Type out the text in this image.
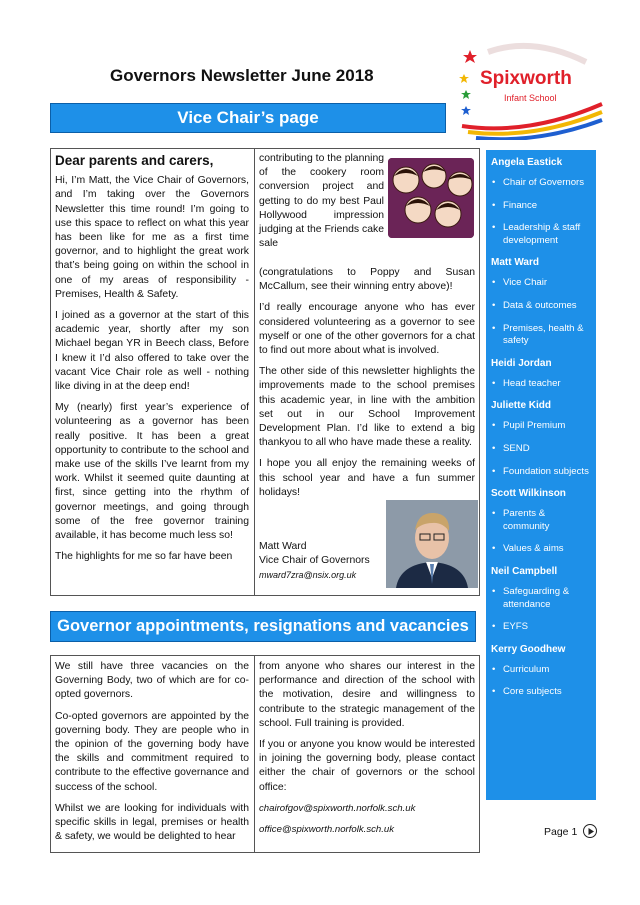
Governors Newsletter June 2018	Spixworth
Infant School
Vice Chair’s page
Dear parents and carers,

Hi, I’m Matt, the Vice Chair of Governors, and I’m taking over the Governors Newsletter this time round! I’m going to use this space to reflect on what this year has been like for me as a first time governor, and to highlight the great work that’s being going on within the school in one of my areas of responsibility - Premises, Health & Safety.

I joined as a governor at the start of this academic year, shortly after my son Michael began YR in Beech class, Before I knew it I’d also offered to take over the vacant Vice Chair role as well - nothing like diving in at the deep end!

My (nearly) first year’s experience of volunteering as a governor has been really positive. It has been a great opportunity to contribute to the school and make use of the skills I’ve learnt from my work. Whilst it seemed quite daunting at first, since getting into the rhythm of governor meetings, and going through some of the free governor training available, it has become much less so!

The highlights for me so far have been

contributing to the planning of the cookery room conversion project and getting to do my best Paul Hollywood impression judging at the Friends cake sale

(congratulations to Poppy and Susan McCallum, see their winning entry above)!

I’d really encourage anyone who has ever considered volunteering as a governor to see myself or one of the other governors for a chat to find out more about what is involved.

The other side of this newsletter highlights the improvements made to the school premises this academic year, in line with the ambition set out in our School Improvement Development Plan. I’d like to extend a big thankyou to all who have made these a reality.

I hope you all enjoy the remaining weeks of this school year and have a fun summer holidays!

Matt Ward
Vice Chair of Governors
mward7zra@nsix.org.uk
Governor appointments, resignations and vacancies

We still have three vacancies on the Governing Body, two of which are for co-opted governors.

Co-opted governors are appointed by the governing body. They are people who in the opinion of the governing body have the skills and commitment required to contribute to the effective governance and success of the school.

Whilst we are looking for individuals with specific skills in legal, premises or health & safety, we would be delighted to hear

from anyone who shares our interest in the performance and direction of the school with the motivation, desire and willingness to contribute to the strategic management of the school. Full training is provided.

If you or anyone you know would be interested in joining the governing body, please contact either the chair of governors or the school office:

chairofgov@spixworth.norfolk.sch.uk

office@spixworth.norfolk.sch.uk

Angela Eastick
• Chair of Governors
• Finance
• Leadership & staff development
Matt Ward
• Vice Chair
• Data & outcomes
• Premises, health & safety
Heidi Jordan
• Head teacher
Juliette Kidd
• Pupil Premium
• SEND
• Foundation subjects
Scott Wilkinson
• Parents & community
• Values & aims
Neil Campbell
• Safeguarding & attendance
• EYFS
Kerry Goodhew
• Curriculum
• Core subjects
Page 1
